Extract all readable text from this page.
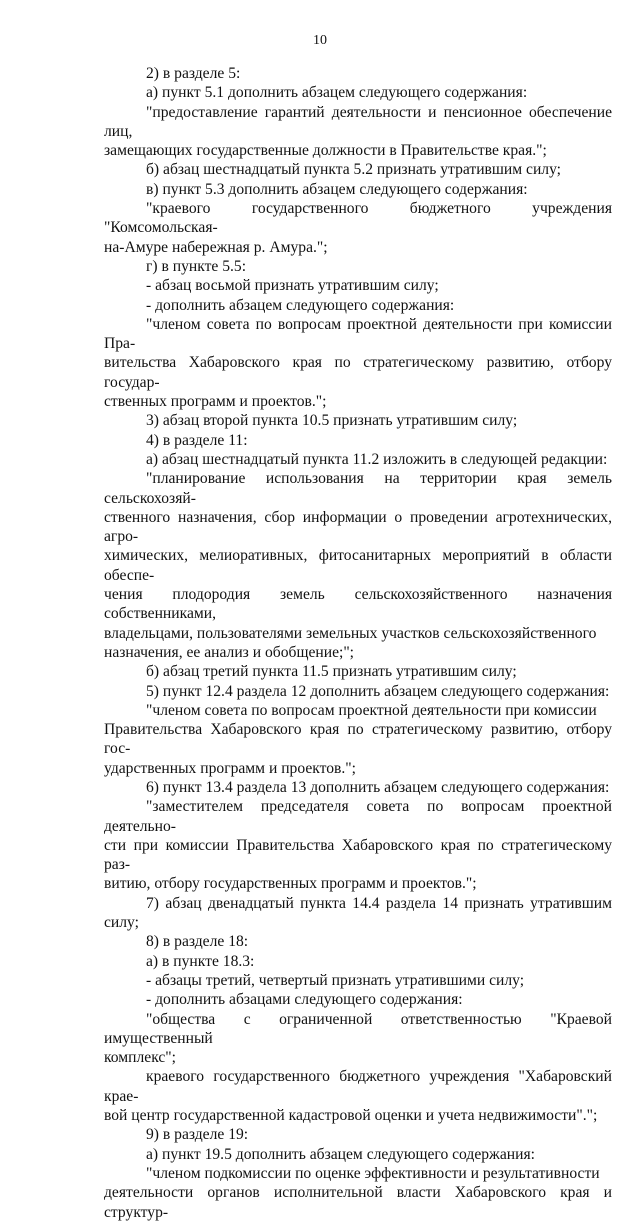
10

2) в разделе 5:

а) пункт 5.1 дополнить абзацем следующего содержания:

"предоставление гарантий деятельности и пенсионное обеспечение лиц,
замещающих государственные должности в Правительстве края.";

б) абзац шестнадцатый пункта 5.2 признать утратившим силу;

в) пункт 5.3 дополнить абзацем следующего содержания:

"краевого государственного бюджетного учреждения "Комсомольская-
на-Амуре набережная р. Амура.";

г) в пункте 5.5:

- абзац восьмой признать утратившим силу;

- дополнить абзацем следующего содержания:

"членом совета по вопросам проектной деятельности при комиссии Пра-
вительства Хабаровского края по стратегическому развитию, отбору государ-
ственных программ и проектов.";

3) абзац второй пункта 10.5 признать утратившим силу;

4) в разделе 11:

а) абзац шестнадцатый пункта 11.2 изложить в следующей редакции:

"планирование использования на территории края земель сельскохозяй-
ственного назначения, сбор информации о проведении агротехнических, агро-
химических, мелиоративных, фитосанитарных мероприятий в области обеспе-
чения плодородия земель сельскохозяйственного назначения собственниками,
владельцами, пользователями земельных участков сельскохозяйственного
назначения, ее анализ и обобщение;";

б) абзац третий пункта 11.5 признать утратившим силу;

5) пункт 12.4 раздела 12 дополнить абзацем следующего содержания:

"членом совета по вопросам проектной деятельности при комиссии
Правительства Хабаровского края по стратегическому развитию, отбору гос-
ударственных программ и проектов.";

6) пункт 13.4 раздела 13 дополнить абзацем следующего содержания:

"заместителем председателя совета по вопросам проектной деятельно-
сти при комиссии Правительства Хабаровского края по стратегическому раз-
витию, отбору государственных программ и проектов.";

7) абзац двенадцатый пункта 14.4 раздела 14 признать утратившим силу;

8) в разделе 18:

а) в пункте 18.3:

- абзацы третий, четвертый признать утратившими силу;

- дополнить абзацами следующего содержания:

"общества с ограниченной ответственностью "Краевой имущественный
комплекс";

краевого государственного бюджетного учреждения "Хабаровский крае-
вой центр государственной кадастровой оценки и учета недвижимости".";

9) в разделе 19:

а) пункт 19.5 дополнить абзацем следующего содержания:

"членом подкомиссии по оценке эффективности и результативности
деятельности органов исполнительной власти Хабаровского края и структур-
